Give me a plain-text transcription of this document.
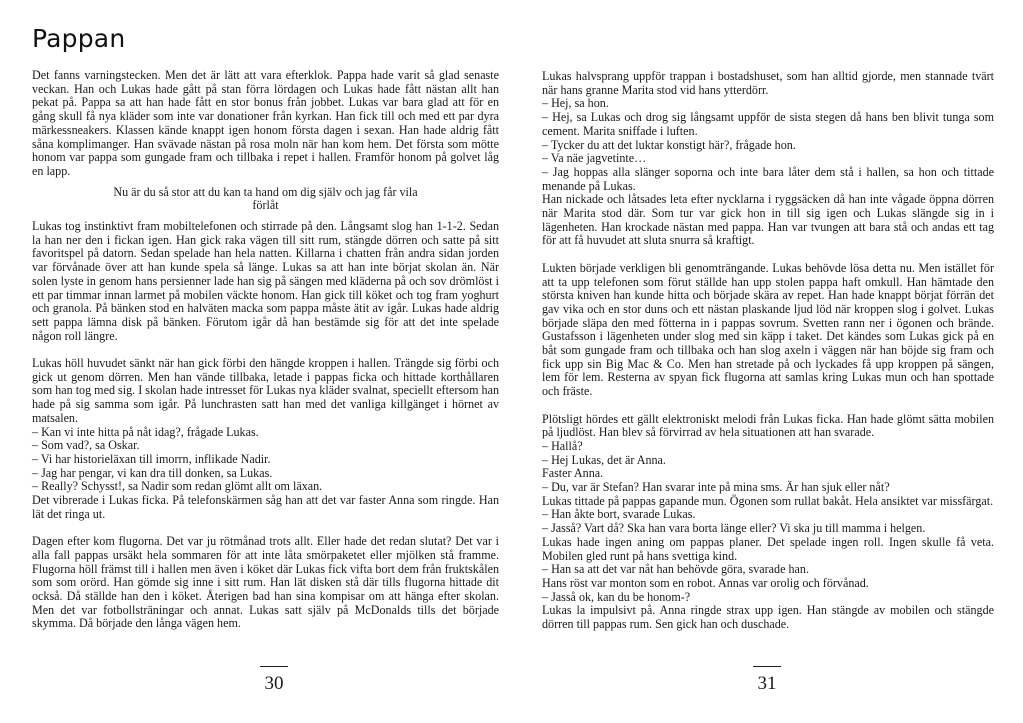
Pappan

Det fanns varningstecken. Men det är lätt att vara efterklok. Pappa hade varit så glad senaste veckan. Han och Lukas hade gått på stan förra lördagen och Lukas hade fått nästan allt han pekat på. Pappa sa att han hade fått en stor bonus från jobbet. Lukas var bara glad att för en gång skull få nya kläder som inte var donationer från kyrkan. Han fick till och med ett par dyra märkessneakers. Klassen kände knappt igen honom första dagen i sexan. Han hade aldrig fått såna komplimanger. Han svävade nästan på rosa moln när han kom hem. Det första som mötte honom var pappa som gungade fram och tillbaka i repet i hallen. Framför honom på golvet låg en lapp.

Nu är du så stor att du kan ta hand om dig själv och jag får vila

förlåt

Lukas tog instinktivt fram mobiltelefonen och stirrade på den. Långsamt slog han 1-1-2. Sedan la han ner den i fickan igen. Han gick raka vägen till sitt rum, stängde dörren och satte på sitt favoritspel på datorn. Sedan spelade han hela natten. Killarna i chatten från andra sidan jorden var förvånade över att han kunde spela så länge. Lukas sa att han inte börjat skolan än. När solen lyste in genom hans persienner lade han sig på sängen med kläderna på och sov drömlöst i ett par timmar innan larmet på mobilen väckte honom. Han gick till köket och tog fram yoghurt och granola. På bänken stod en halväten macka som pappa måste ätit av igår. Lukas hade aldrig sett pappa lämna disk på bänken. Förutom igår då han bestämde sig för att det inte spelade någon roll längre.

Lukas höll huvudet sänkt när han gick förbi den hängde kroppen i hallen. Trängde sig förbi och gick ut genom dörren. Men han vände tillbaka, letade i pappas ficka och hittade korthållaren som han tog med sig. I skolan hade intresset för Lukas nya kläder svalnat, speciellt eftersom han hade på sig samma som igår. På lunchrasten satt han med det vanliga killgänget i hörnet av matsalen.

– Kan vi inte hitta på nåt idag?, frågade Lukas.

– Som vad?, sa Oskar.

– Vi har historieläxan till imorrn, inflikade Nadir.

– Jag har pengar, vi kan dra till donken, sa Lukas.

– Really? Schysst!, sa Nadir som redan glömt allt om läxan.

Det vibrerade i Lukas ficka. På telefonskärmen såg han att det var faster Anna som ringde. Han lät det ringa ut.

Dagen efter kom flugorna. Det var ju rötmånad trots allt. Eller hade det redan slutat? Det var i alla fall pappas ursäkt hela sommaren för att inte låta smörpaketet eller mjölken stå framme. Flugorna höll främst till i hallen men även i köket där Lukas fick vifta bort dem från fruktskålen som som orörd. Han gömde sig inne i sitt rum. Han lät disken stå där tills flugorna hittade dit också. Då ställde han den i köket. Återigen bad han sina kompisar om att hänga efter skolan. Men det var fotbollsträningar och annat. Lukas satt själv på McDonalds tills det började skymma. Då började den långa vägen hem.

30

Lukas halvsprang uppför trappan i bostadshuset, som han alltid gjorde, men stannade tvärt när hans granne Marita stod vid hans ytterdörr.

– Hej, sa hon.

– Hej, sa Lukas och drog sig långsamt uppför de sista stegen då hans ben blivit tunga som cement. Marita sniffade i luften.

– Tycker du att det luktar konstigt här?, frågade hon.

– Va näe jagvetinte…

– Jag hoppas alla slänger soporna och inte bara låter dem stå i hallen, sa hon och tittade menande på Lukas.

Han nickade och låtsades leta efter nycklarna i ryggsäcken då han inte vågade öppna dörren när Marita stod där. Som tur var gick hon in till sig igen och Lukas slängde sig in i lägenheten. Han krockade nästan med pappa. Han var tvungen att bara stå och andas ett tag för att få huvudet att sluta snurra så kraftigt.

Lukten började verkligen bli genomträngande. Lukas behövde lösa detta nu. Men istället för att ta upp telefonen som förut ställde han upp stolen pappa haft omkull. Han hämtade den största kniven han kunde hitta och började skära av repet. Han hade knappt börjat förrän det gav vika och en stor duns och ett nästan plaskande ljud löd när kroppen slog i golvet. Lukas började släpa den med fötterna in i pappas sovrum. Svetten rann ner i ögonen och brände. Gustafsson i lägenheten under slog med sin käpp i taket. Det kändes som Lukas gick på en båt som gungade fram och tillbaka och han slog axeln i väggen när han böjde sig fram och fick upp sin Big Mac & Co. Men han stretade på och lyckades få upp kroppen på sängen, lem för lem. Resterna av spyan fick flugorna att samlas kring Lukas mun och han spottade och fräste.

Plötsligt hördes ett gällt elektroniskt melodi från Lukas ficka. Han hade glömt sätta mobilen på ljudlöst. Han blev så förvirrad av hela situationen att han svarade.

– Hallå?

– Hej Lukas, det är Anna.

Faster Anna.

– Du, var är Stefan? Han svarar inte på mina sms. Är han sjuk eller nåt?

Lukas tittade på pappas gapande mun. Ögonen som rullat bakåt. Hela ansiktet var missfärgat.

– Han åkte bort, svarade Lukas.

– Jasså? Vart då? Ska han vara borta länge eller? Vi ska ju till mamma i helgen.

Lukas hade ingen aning om pappas planer. Det spelade ingen roll. Ingen skulle få veta. Mobilen gled runt på hans svettiga kind.

– Han sa att det var nåt han behövde göra, svarade han.

Hans röst var monton som en robot. Annas var orolig och förvånad.

– Jasså ok, kan du be honom-?

Lukas la impulsivt på. Anna ringde strax upp igen. Han stängde av mobilen och stängde dörren till pappas rum. Sen gick han och duschade.

31
